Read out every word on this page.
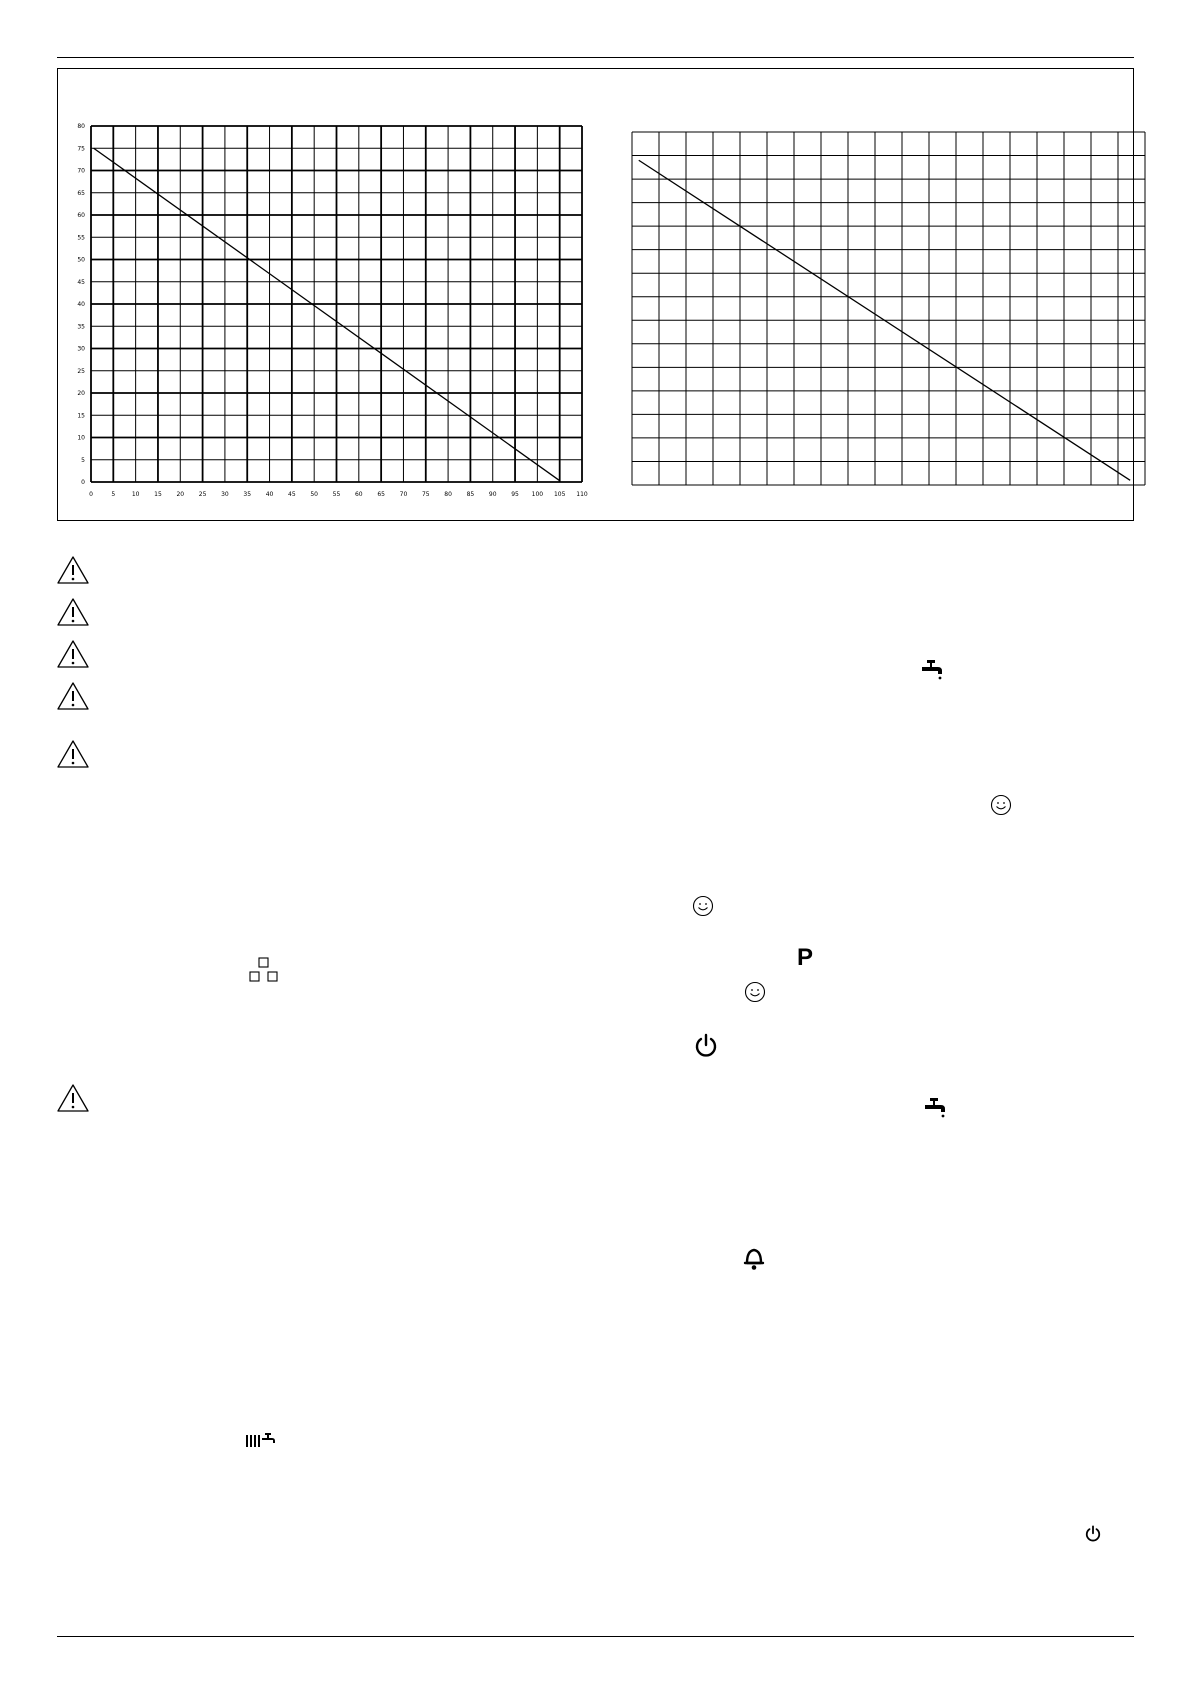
0	5	10 15 20 25 30 35 40 45 50 55 60 65 70 75 80 85 90 95 100 105 110
0
5
10
15
20
25
30
35
40
45
50
55
60
65
70
75
80
P
